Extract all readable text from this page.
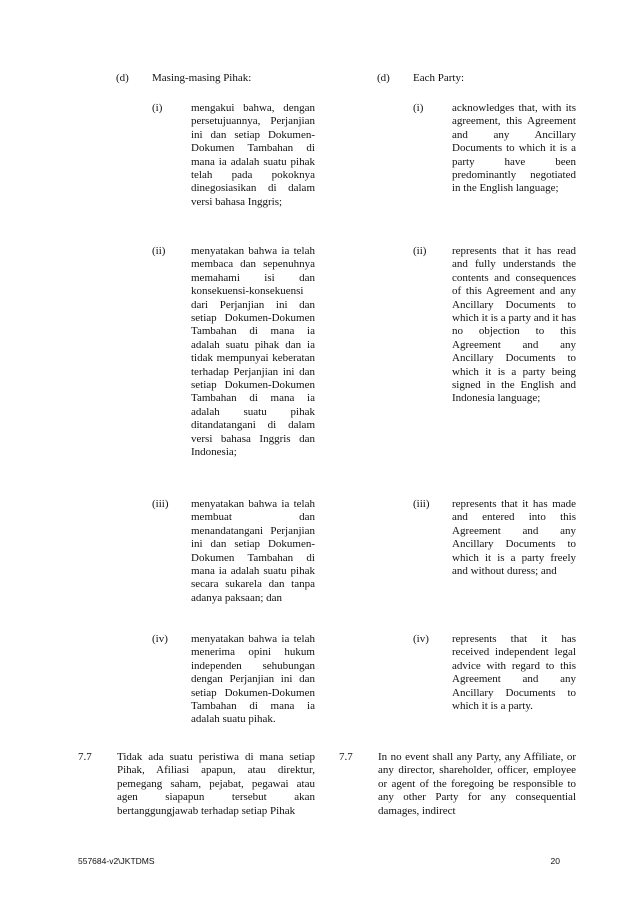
(d) Masing-masing Pihak:
(i)	mengakui bahwa, dengan persetujuannya, Perjanjian ini dan setiap Dokumen-Dokumen Tambahan di mana ia adalah suatu pihak telah pada pokoknya dinegosiasikan di dalam versi bahasa Inggris;
(ii) menyatakan bahwa ia telah membaca dan sepenuhnya memahami isi dan konsekuensi-konsekuensi dari Perjanjian ini dan setiap Dokumen-Dokumen Tambahan di mana ia adalah suatu pihak dan ia tidak mempunyai keberatan terhadap Perjanjian ini dan setiap Dokumen-Dokumen Tambahan di mana ia adalah suatu pihak ditandatangani di dalam versi bahasa Inggris dan Indonesia;
(iii) menyatakan bahwa ia telah membuat dan menandatangani Perjanjian ini dan setiap Dokumen-Dokumen Tambahan di mana ia adalah suatu pihak secara sukarela dan tanpa adanya paksaan; dan
(iv) menyatakan bahwa ia telah menerima opini hukum independen sehubungan dengan Perjanjian ini dan setiap Dokumen-Dokumen Tambahan di mana ia adalah suatu pihak.
7.7 Tidak ada suatu peristiwa di mana setiap Pihak, Afiliasi apapun, atau direktur, pemegang saham, pejabat, pegawai atau agen siapapun tersebut akan bertanggungjawab terhadap setiap Pihak
(d) Each Party:
(i)	acknowledges that, with its agreement, this Agreement and any Ancillary Documents to which it is a party have been predominantly negotiated in the English language;
(ii) represents that it has read and fully understands the contents and consequences of this Agreement and any Ancillary Documents to which it is a party and it has no objection to this Agreement and any Ancillary Documents to which it is a party being signed in the English and Indonesia language;
(iii) represents that it has made and entered into this Agreement and any Ancillary Documents to which it is a party freely and without duress; and
(iv) represents that it has received independent legal advice with regard to this Agreement and any Ancillary Documents to which it is a party.
7.7 In no event shall any Party, any Affiliate, or any director, shareholder, officer, employee or agent of the foregoing be responsible to any other Party for any consequential damages, indirect
557684-v2\JKTDMS	20
